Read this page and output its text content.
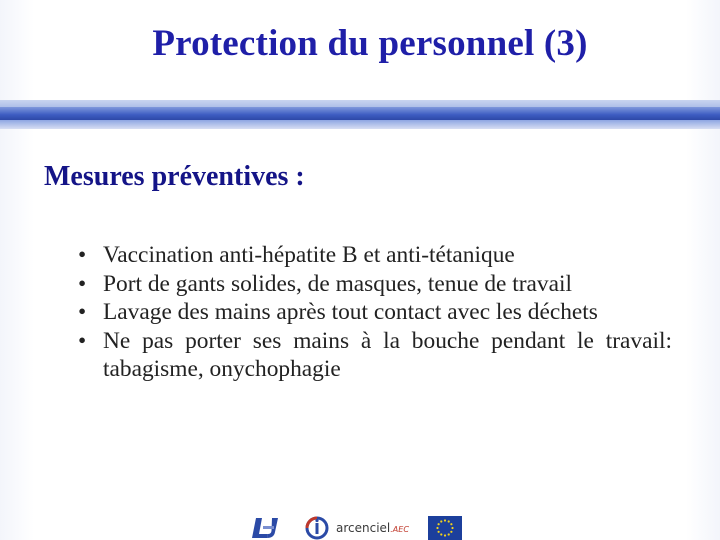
Protection du personnel (3)
Mesures préventives :
• Vaccination anti-hépatite B et anti-tétanique
• Port de gants solides, de masques, tenue de travail
• Lavage des mains après tout contact avec les déchets
• Ne pas porter ses mains à la bouche pendant le travail: tabagisme, onychophagie
arcenciel.AEC
